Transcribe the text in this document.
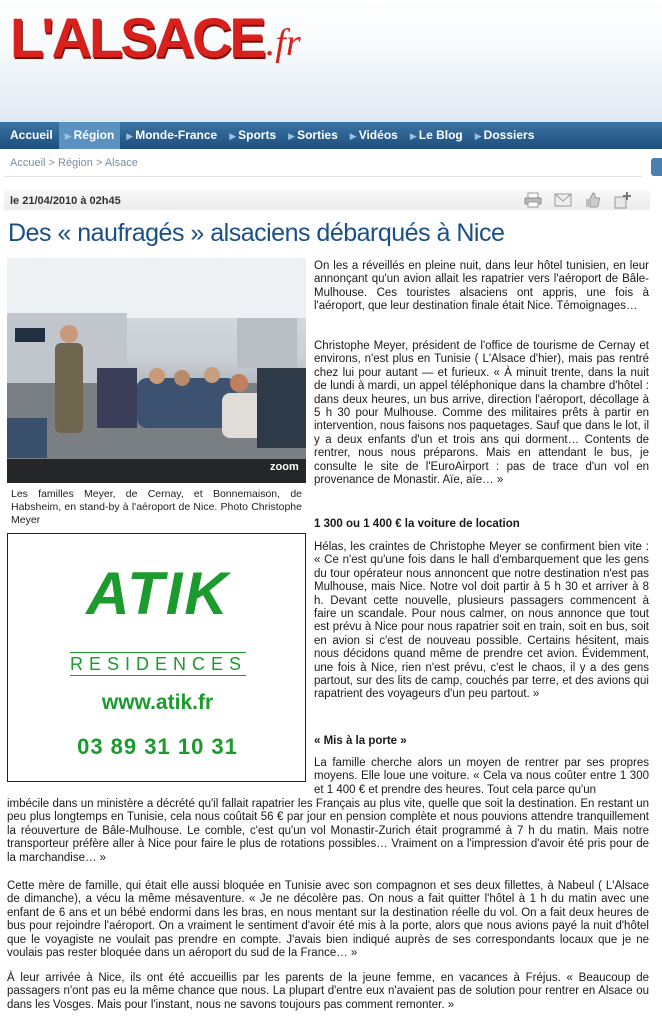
L'ALSACE .fr
Accueil	▶ Région	▶ Monde-France	▶ Sports	▶ Sorties	▶ Vidéos	▶ Le Blog	▶ Dossiers
Accueil > Région > Alsace
le 21/04/2010 à 02h45
Des « naufragés » alsaciens débarqués à Nice
zoom
Les familles Meyer, de Cernay, et Bonnemaison, de Habsheim, en stand-by à l'aéroport de Nice. Photo Christophe Meyer
ATIK
RESIDENCES
www.atik.fr
03 89 31 10 31

On les a réveillés en pleine nuit, dans leur hôtel tunisien, en leur annonçant qu'un avion allait les rapatrier vers l'aéroport de Bâle-Mulhouse. Ces touristes alsaciens ont appris, une fois à l'aéroport, que leur destination finale était Nice. Témoignages…

Christophe Meyer, président de l'office de tourisme de Cernay et environs, n'est plus en Tunisie ( L'Alsace d'hier), mais pas rentré chez lui pour autant — et furieux. « À minuit trente, dans la nuit de lundi à mardi, un appel téléphonique dans la chambre d'hôtel : dans deux heures, un bus arrive, direction l'aéroport, décollage à 5 h 30 pour Mulhouse. Comme des militaires prêts à partir en intervention, nous faisons nos paquetages. Sauf que dans le lot, il y a deux enfants d'un et trois ans qui dorment… Contents de rentrer, nous nous préparons. Mais en attendant le bus, je consulte le site de l'EuroAirport : pas de trace d'un vol en provenance de Monastir. Aïe, aïe… »

1 300 ou 1 400 € la voiture de location

Hélas, les craintes de Christophe Meyer se confirment bien vite : « Ce n'est qu'une fois dans le hall d'embarquement que les gens du tour opérateur nous annoncent que notre destination n'est pas Mulhouse, mais Nice. Notre vol doit partir à 5 h 30 et arriver à 8 h. Devant cette nouvelle, plusieurs passagers commencent à faire un scandale. Pour nous calmer, on nous annonce que tout est prévu à Nice pour nous rapatrier soit en train, soit en bus, soit en avion si c'est de nouveau possible. Certains hésitent, mais nous décidons quand même de prendre cet avion. Évidemment, une fois à Nice, rien n'est prévu, c'est le chaos, il y a des gens partout, sur des lits de camp, couchés par terre, et des avions qui rapatrient des voyageurs d'un peu partout. »

« Mis à la porte »

La famille cherche alors un moyen de rentrer par ses propres moyens. Elle loue une voiture. « Cela va nous coûter entre 1 300 et 1 400 € et prendre des heures. Tout cela parce qu'un

imbécile dans un ministère a décrété qu'il fallait rapatrier les Français au plus vite, quelle que soit la destination. En restant un peu plus longtemps en Tunisie, cela nous coûtait 56 € par jour en pension complète et nous pouvions attendre tranquillement la réouverture de Bâle-Mulhouse. Le comble, c'est qu'un vol Monastir-Zurich était programmé à 7 h du matin. Mais notre transporteur préfère aller à Nice pour faire le plus de rotations possibles… Vraiment on a l'impression d'avoir été pris pour de la marchandise… »

Cette mère de famille, qui était elle aussi bloquée en Tunisie avec son compagnon et ses deux fillettes, à Nabeul ( L'Alsace de dimanche), a vécu la même mésaventure. « Je ne décolère pas. On nous a fait quitter l'hôtel à 1 h du matin avec une enfant de 6 ans et un bébé endormi dans les bras, en nous mentant sur la destination réelle du vol. On a fait deux heures de bus pour rejoindre l'aéroport. On a vraiment le sentiment d'avoir été mis à la porte, alors que nous avions payé la nuit d'hôtel que le voyagiste ne voulait pas prendre en compte. J'avais bien indiqué auprès de ses correspondants locaux que je ne voulais pas rester bloquée dans un aéroport du sud de la France… »

À leur arrivée à Nice, ils ont été accueillis par les parents de la jeune femme, en vacances à Fréjus. « Beaucoup de passagers n'ont pas eu la même chance que nous. La plupart d'entre eux n'avaient pas de solution pour rentrer en Alsace ou dans les Vosges. Mais pour l'instant, nous ne savons toujours pas comment remonter. »
